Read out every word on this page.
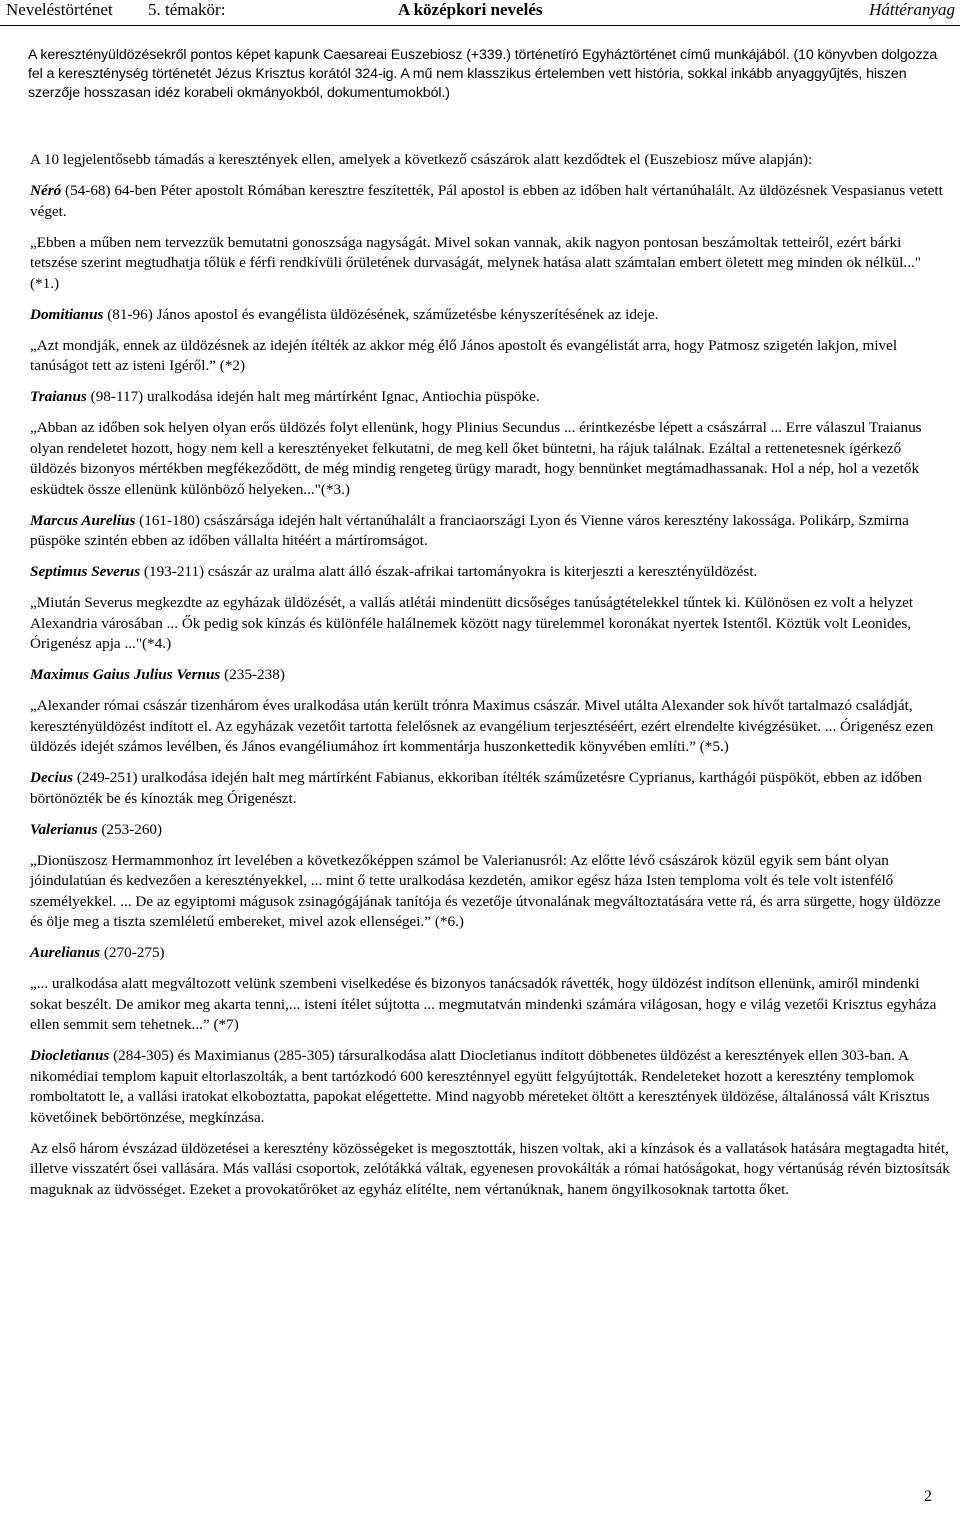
Neveléstörténet 5. témakör:	A középkori nevelés	Háttéranyag
A keresztényüldözésekről pontos képet kapunk Caesareai Euszebiosz (+339.) történetíró Egyháztörténet című munkájából. (10 könyvben dolgozza fel a kereszténység történetét Jézus Krisztus korától 324-ig. A mű nem klasszikus értelemben vett história, sokkal inkább anyaggyűjtés, hiszen szerzője hosszasan idéz korabeli okmányokból, dokumentumokból.)

A 10 legjelentősebb támadás a keresztények ellen, amelyek a következő császárok alatt kezdődtek el (Euszebiosz műve alapján):

Néró (54-68) 64-ben Péter apostolt Rómában keresztre feszítették, Pál apostol is ebben az időben halt vértanúhalált. Az üldözésnek Vespasianus vetett véget.

„Ebben a műben nem tervezzük bemutatni gonoszsága nagyságát. Mivel sokan vannak, akik nagyon pontosan beszámoltak tetteiről, ezért bárki tetszése szerint megtudhatja tőlük e férfi rendkívüli őrületének durvaságát, melynek hatása alatt számtalan embert öletett meg minden ok nélkül..." (*1.)

Domitianus (81-96) János apostol és evangélista üldözésének, száműzetésbe kényszerítésének az ideje.

„Azt mondják, ennek az üldözésnek az idején ítélték az akkor még élő János apostolt és evangélistát arra, hogy Patmosz szigetén lakjon, mivel tanúságot tett az isteni Igéről.” (*2)

Traianus (98-117) uralkodása idején halt meg mártírként Ignac, Antiochia püspöke.

„Abban az időben sok helyen olyan erős üldözés folyt ellenünk, hogy Plinius Secundus ... érintkezésbe lépett a császárral ... Erre válaszul Traianus olyan rendeletet hozott, hogy nem kell a keresztényeket felkutatni, de meg kell őket büntetni, ha rájuk találnak. Ezáltal a rettenetesnek ígérkező üldözés bizonyos mértékben megfékeződött, de még mindig rengeteg ürügy maradt, hogy bennünket megtámadhassanak. Hol a nép, hol a vezetők esküdtek össze ellenünk különböző helyeken..."(*3.)

Marcus Aurelius (161-180) császársága idején halt vértanúhalált a franciaországi Lyon és Vienne város keresztény lakossága. Polikárp, Szmirna püspöke szintén ebben az időben vállalta hitéért a mártíromságot.

Septimus Severus (193-211) császár az uralma alatt álló észak-afrikai tartományokra is kiterjeszti a keresztényüldözést.

„Miután Severus megkezdte az egyházak üldözését, a vallás atlétái mindenütt dicsőséges tanúságtételekkel tűntek ki. Különösen ez volt a helyzet Alexandria városában ... Ők pedig sok kínzás és különféle halálnemek között nagy türelemmel koronákat nyertek Istentől. Köztük volt Leonides, Órigenész apja ..."(*4.)

Maximus Gaius Julius Vernus (235-238)

„Alexander római császár tizenhárom éves uralkodása után került trónra Maximus császár. Mivel utálta Alexander sok hívőt tartalmazó családját, keresztényüldözést indított el. Az egyházak vezetőit tartotta felelősnek az evangélium terjesztéséért, ezért elrendelte kivégzésüket. ... Órigenész ezen üldözés idejét számos levélben, és János evangéliumához írt kommentárja huszonkettedik könyvében említi.” (*5.)

Decius (249-251) uralkodása idején halt meg mártírként Fabianus, ekkoriban ítélték száműzetésre Cyprianus, karthágói püspököt, ebben az időben börtönözték be és kínozták meg Órigenészt.

Valerianus (253-260)

„Dionüszosz Hermammonhoz írt levelében a következőképpen számol be Valerianusról: Az előtte lévő császárok közül egyik sem bánt olyan jóindulatúan és kedvezően a keresztényekkel, ... mint ő tette uralkodása kezdetén, amikor egész háza Isten temploma volt és tele volt istenfélő személyekkel. ... De az egyiptomi mágusok zsinagógájának tanítója és vezetője útvonalának megváltoztatására vette rá, és arra sürgette, hogy üldözze és ölje meg a tiszta szemléletű embereket, mivel azok ellenségei.” (*6.)

Aurelianus (270-275)

„... uralkodása alatt megváltozott velünk szembeni viselkedése és bizonyos tanácsadók rávették, hogy üldözést indítson ellenünk, amiről mindenki sokat beszélt. De amikor meg akarta tenni,... isteni ítélet sújtotta ... megmutatván mindenki számára világosan, hogy e világ vezetői Krisztus egyháza ellen semmit sem tehetnek...” (*7)

Diocletianus (284-305) és Maximianus (285-305) társuralkodása alatt Diocletianus indított döbbenetes üldözést a keresztények ellen 303-ban. A nikomédiai templom kapuit eltorlaszolták, a bent tartózkodó 600 kereszténnyel együtt felgyújtották. Rendeleteket hozott a keresztény templomok romboltatott le, a vallási iratokat elkoboztatta, papokat elégettette. Mind nagyobb méreteket öltött a keresztények üldözése, általánossá vált Krisztus követőinek bebörtönzése, megkínzása.

Az első három évszázad üldözetései a keresztény közösségeket is megosztották, hiszen voltak, aki a kínzások és a vallatások hatására megtagadta hitét, illetve visszatért ősei vallására. Más vallási csoportok, zelótákká váltak, egyenesen provokálták a római hatóságokat, hogy vértanúság révén biztosítsák maguknak az üdvösséget. Ezeket a provokatőröket az egyház elítélte, nem vértanúknak, hanem öngyilkosoknak tartotta őket.

2
